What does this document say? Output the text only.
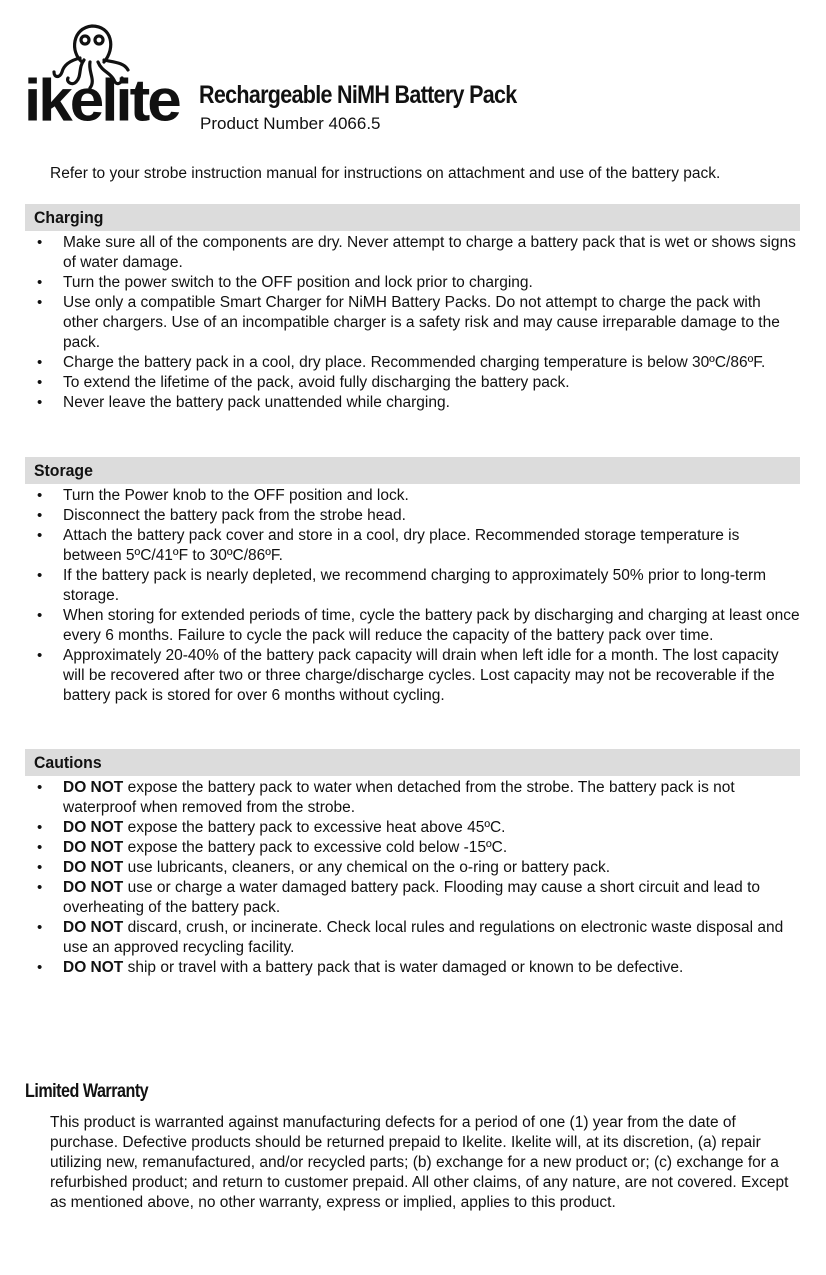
ikelite Rechargeable NiMH Battery Pack
Product Number 4066.5
Refer to your strobe instruction manual for instructions on attachment and use of the battery pack.
Charging
• Make sure all of the components are dry. Never attempt to charge a battery pack that is wet or shows signs of water damage.
• Turn the power switch to the OFF position and lock prior to charging.
• Use only a compatible Smart Charger for NiMH Battery Packs. Do not attempt to charge the pack with other chargers. Use of an incompatible charger is a safety risk and may cause irreparable damage to the pack.
• Charge the battery pack in a cool, dry place. Recommended charging temperature is below 30ºC/86ºF.
• To extend the lifetime of the pack, avoid fully discharging the battery pack.
• Never leave the battery pack unattended while charging.
Storage
• Turn the Power knob to the OFF position and lock.
• Disconnect the battery pack from the strobe head.
• Attach the battery pack cover and store in a cool, dry place. Recommended storage temperature is between 5ºC/41ºF to 30ºC/86ºF.
• If the battery pack is nearly depleted, we recommend charging to approximately 50% prior to long-term storage.
• When storing for extended periods of time, cycle the battery pack by discharging and charging at least once every 6 months. Failure to cycle the pack will reduce the capacity of the battery pack over time.
• Approximately 20-40% of the battery pack capacity will drain when left idle for a month. The lost capacity will be recovered after two or three charge/discharge cycles. Lost capacity may not be recoverable if the battery pack is stored for over 6 months without cycling.
Cautions
• DO NOT expose the battery pack to water when detached from the strobe. The battery pack is not waterproof when removed from the strobe.
• DO NOT expose the battery pack to excessive heat above 45ºC.
• DO NOT expose the battery pack to excessive cold below -15ºC.
• DO NOT use lubricants, cleaners, or any chemical on the o-ring or battery pack.
• DO NOT use or charge a water damaged battery pack. Flooding may cause a short circuit and lead to overheating of the battery pack.
• DO NOT discard, crush, or incinerate. Check local rules and regulations on electronic waste disposal and use an approved recycling facility.
• DO NOT ship or travel with a battery pack that is water damaged or known to be defective.
Limited Warranty
This product is warranted against manufacturing defects for a period of one (1) year from the date of purchase. Defective products should be returned prepaid to Ikelite. Ikelite will, at its discretion, (a) repair utilizing new, remanufactured, and/or recycled parts; (b) exchange for a new product or; (c) exchange for a refurbished product; and return to customer prepaid. All other claims, of any nature, are not covered. Except as mentioned above, no other warranty, express or implied, applies to this product.
